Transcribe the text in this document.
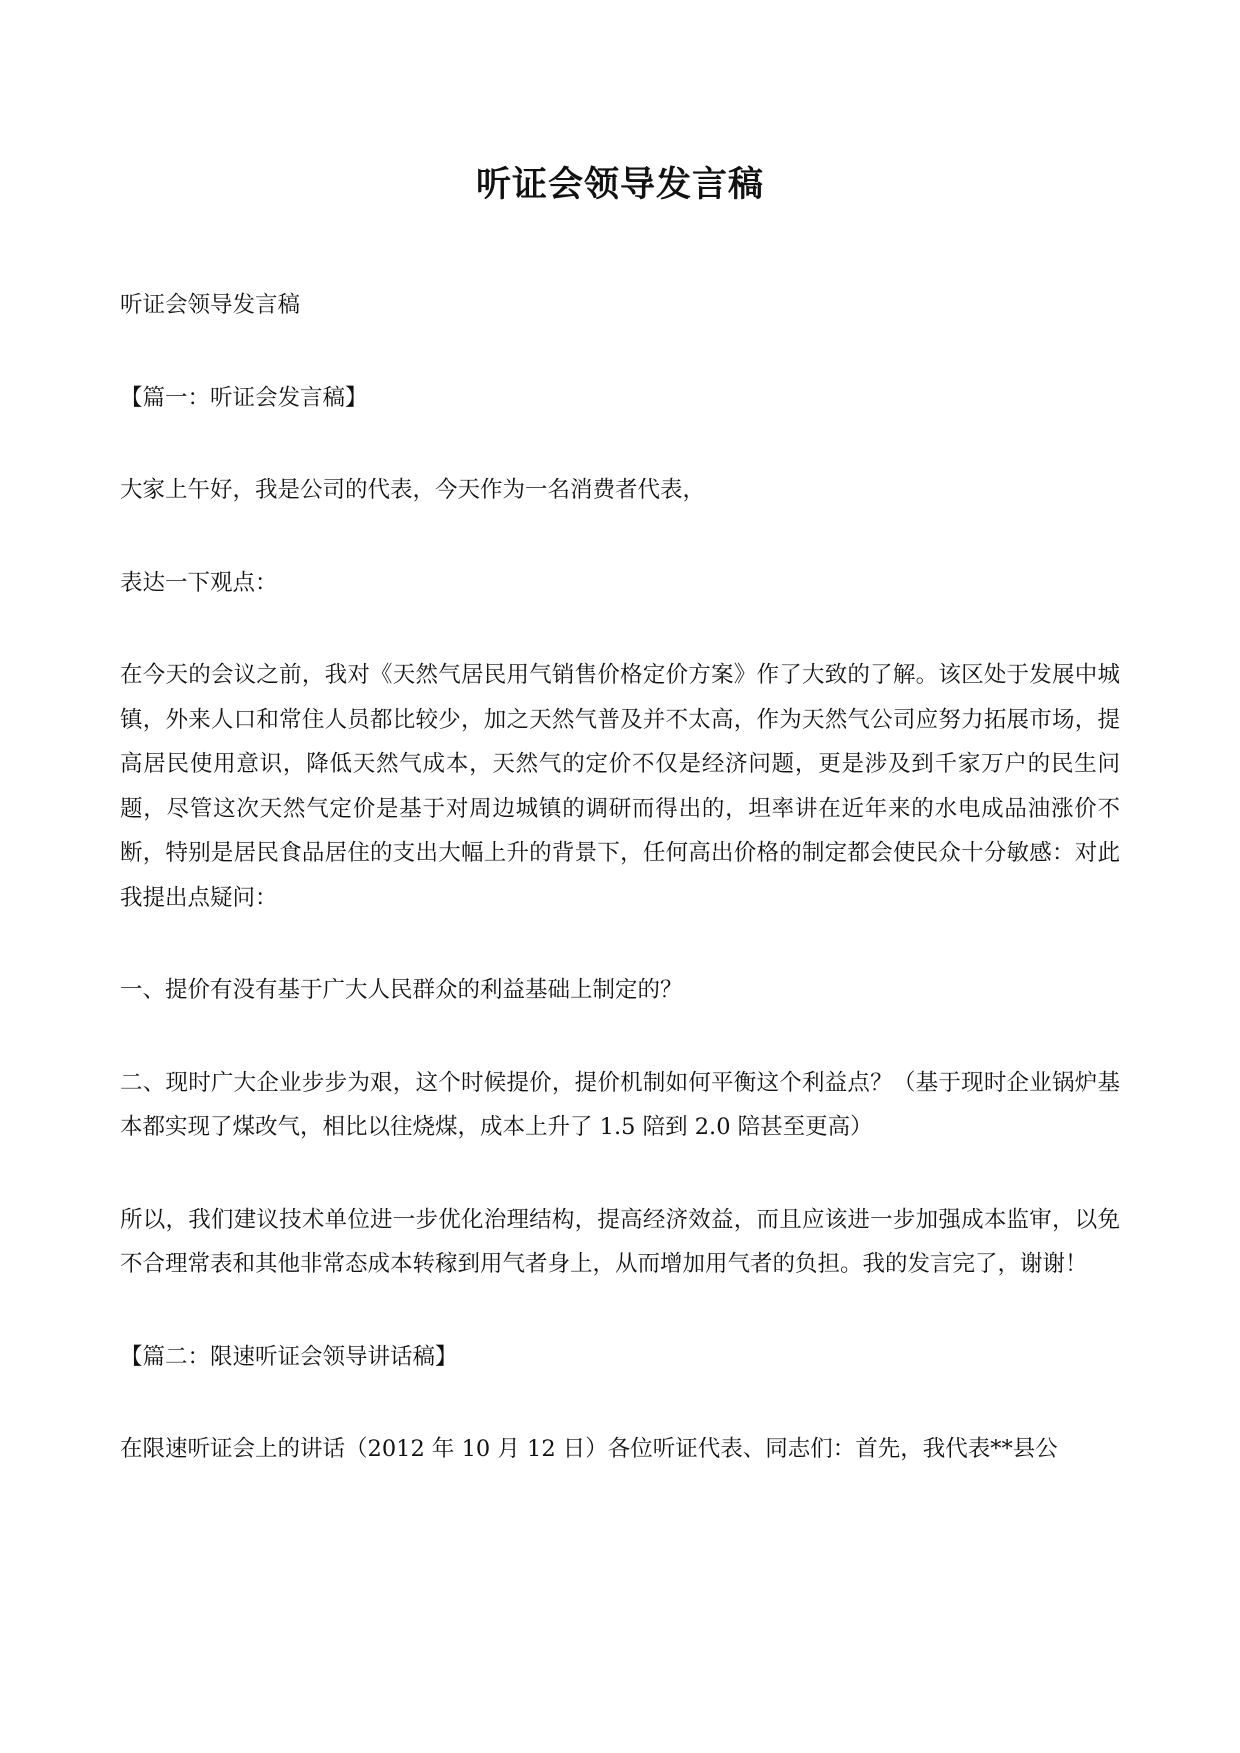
听证会领导发言稿

听证会领导发言稿

【篇一：听证会发言稿】

大家上午好，我是公司的代表，今天作为一名消费者代表，

表达一下观点：

在今天的会议之前，我对《天然气居民用气销售价格定价方案》作了大致的了解。该区处于发展中城镇，外来人口和常住人员都比较少，加之天然气普及并不太高，作为天然气公司应努力拓展市场，提高居民使用意识，降低天然气成本，天然气的定价不仅是经济问题，更是涉及到千家万户的民生问题，尽管这次天然气定价是基于对周边城镇的调研而得出的，坦率讲在近年来的水电成品油涨价不断，特别是居民食品居住的支出大幅上升的背景下，任何高出价格的制定都会使民众十分敏感：对此我提出点疑问：

一、提价有没有基于广大人民群众的利益基础上制定的？

二、现时广大企业步步为艰，这个时候提价，提价机制如何平衡这个利益点？（基于现时企业锅炉基本都实现了煤改气，相比以往烧煤，成本上升了 1.5 陪到 2.0 陪甚至更高）

所以，我们建议技术单位进一步优化治理结构，提高经济效益，而且应该进一步加强成本监审，以免不合理常表和其他非常态成本转稼到用气者身上，从而增加用气者的负担。我的发言完了，谢谢！

【篇二：限速听证会领导讲话稿】

在限速听证会上的讲话（2012 年 10 月 12 日）各位听证代表、同志们：首先，我代表**县公
